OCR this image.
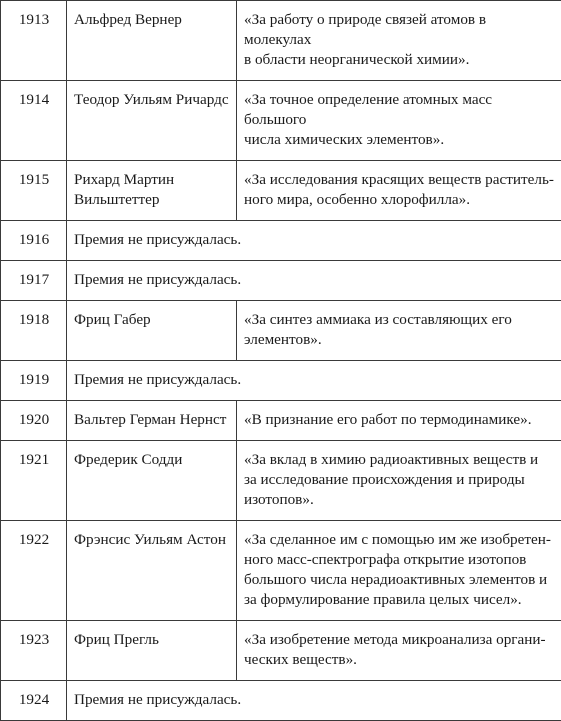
1913	Альфред Вернер	«За работу о природе связей атомов в молекулах
в области неорганической химии».

1914	Теодор Уильям Ричардс	«За точное определение атомных масс большого
числа химических элементов».

1915	Рихард Мартин
Вильштеттер	«За исследования красящих веществ раститель-
ного мира, особенно хлорофилла».

1916	Премия не присуждалась.	
1917	Премия не присуждалась.	
1918	Фриц Габер	«За синтез аммиака из составляющих его
элементов».

1919	Премия не присуждалась.	
1920	Вальтер Герман Нернст	«В признание его работ по термодинамике».

1921	Фредерик Содди	«За вклад в химию радиоактивных веществ и
за исследование происхождения и природы
изотопов».

1922	Фрэнсис Уильям Астон	«За сделанное им с помощью им же изобретен-
ного масс-спектрографа открытие изотопов
большого числа нерадиоактивных элементов и
за формулирование правила целых чисел».

1923	Фриц Прегль	«За изобретение метода микроанализа органи-
ческих веществ».

1924	Премия не присуждалась.	
